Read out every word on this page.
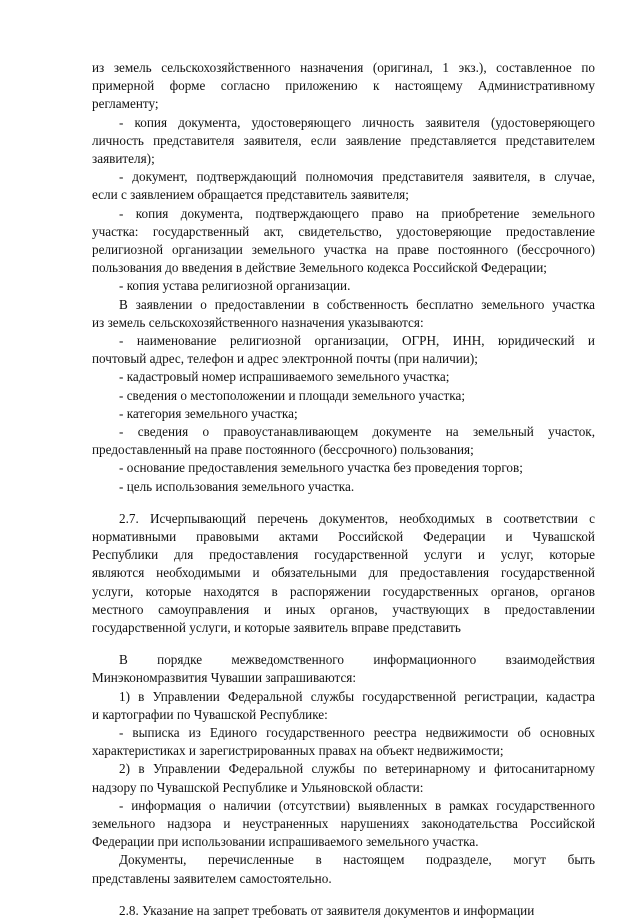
из земель сельскохозяйственного назначения (оригинал, 1 экз.), составленное по
примерной форме согласно приложению к настоящему Административному
регламенту;
- копия документа, удостоверяющего личность заявителя (удостоверяющего
личность представителя заявителя, если заявление представляется представителем
заявителя);
- документ, подтверждающий полномочия представителя заявителя, в случае,
если с заявлением обращается представитель заявителя;
- копия документа, подтверждающего право на приобретение земельного
участка: государственный акт, свидетельство, удостоверяющие предоставление
религиозной организации земельного участка на праве постоянного (бессрочного)
пользования до введения в действие Земельного кодекса Российской Федерации;
- копия устава религиозной организации.
В заявлении о предоставлении в собственность бесплатно земельного участка
из земель сельскохозяйственного назначения указываются:
- наименование религиозной организации, ОГРН, ИНН, юридический и
почтовый адрес, телефон и адрес электронной почты (при наличии);
- кадастровый номер испрашиваемого земельного участка;
- сведения о местоположении и площади земельного участка;
- категория земельного участка;
- сведения о правоустанавливающем документе на земельный участок,
предоставленный на праве постоянного (бессрочного) пользования;
- основание предоставления земельного участка без проведения торгов;
- цель использования земельного участка.
2.7. Исчерпывающий перечень документов, необходимых в соответствии с
нормативными правовыми актами Российской Федерации и Чувашской
Республики для предоставления государственной услуги и услуг, которые
являются необходимыми и обязательными для предоставления государственной
услуги, которые находятся в распоряжении государственных органов, органов
местного самоуправления и иных органов, участвующих в предоставлении
государственной услуги, и которые заявитель вправе представить
В порядке межведомственного информационного взаимодействия
Минэкономразвития Чувашии запрашиваются:
1) в Управлении Федеральной службы государственной регистрации, кадастра
и картографии по Чувашской Республике:
- выписка из Единого государственного реестра недвижимости об основных
характеристиках и зарегистрированных правах на объект недвижимости;
2) в Управлении Федеральной службы по ветеринарному и фитосанитарному
надзору по Чувашской Республике и Ульяновской области:
- информация о наличии (отсутствии) выявленных в рамках государственного
земельного надзора и неустраненных нарушениях законодательства Российской
Федерации при использовании испрашиваемого земельного участка.
Документы, перечисленные в настоящем подразделе, могут быть
представлены заявителем самостоятельно.
2.8. Указание на запрет требовать от заявителя документов и информации
